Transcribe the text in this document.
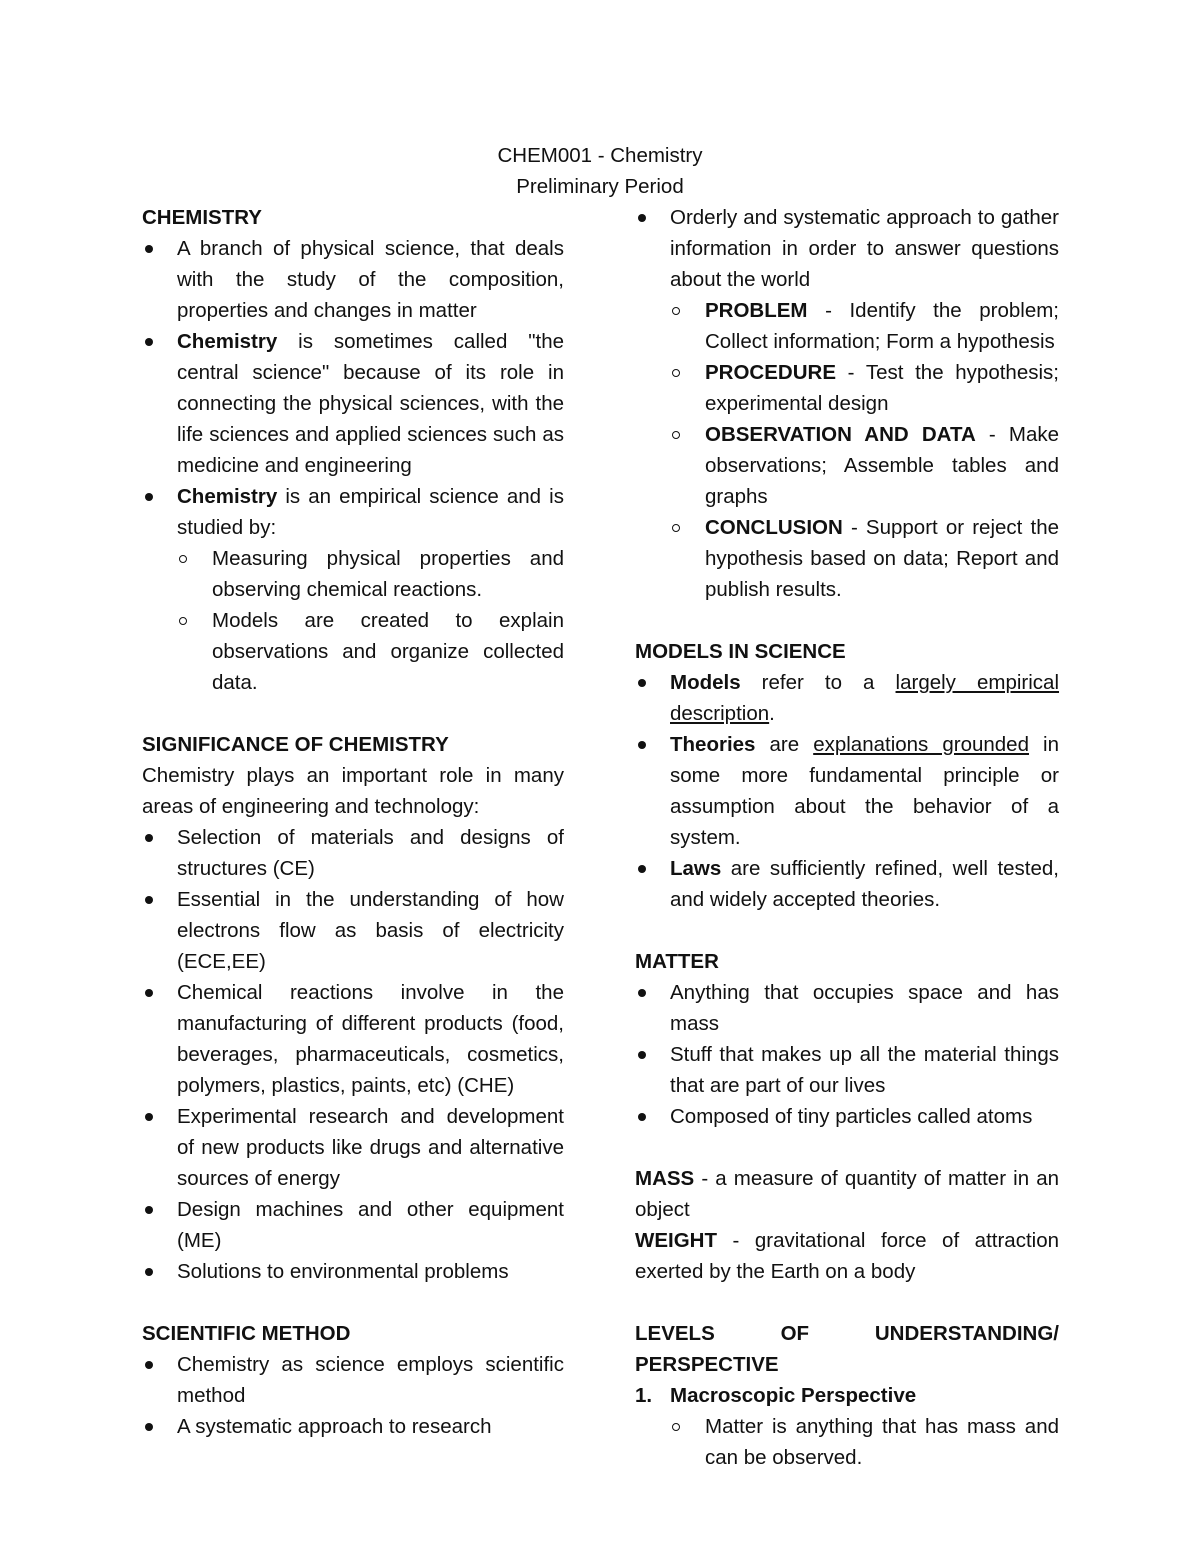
CHEM001 - Chemistry
Preliminary Period
CHEMISTRY
A branch of physical science, that deals with the study of the composition, properties and changes in matter
Chemistry is sometimes called "the central science" because of its role in connecting the physical sciences, with the life sciences and applied sciences such as medicine and engineering
Chemistry is an empirical science and is studied by:
Measuring physical properties and observing chemical reactions.
Models are created to explain observations and organize collected data.
SIGNIFICANCE OF CHEMISTRY
Chemistry plays an important role in many areas of engineering and technology:
Selection of materials and designs of structures (CE)
Essential in the understanding of how electrons flow as basis of electricity (ECE,EE)
Chemical reactions involve in the manufacturing of different products (food, beverages, pharmaceuticals, cosmetics, polymers, plastics, paints, etc) (CHE)
Experimental research and development of new products like drugs and alternative sources of energy
Design machines and other equipment (ME)
Solutions to environmental problems
SCIENTIFIC METHOD
Chemistry as science employs scientific method
A systematic approach to research
Orderly and systematic approach to gather information in order to answer questions about the world
PROBLEM - Identify the problem; Collect information; Form a hypothesis
PROCEDURE - Test the hypothesis; experimental design
OBSERVATION AND DATA - Make observations; Assemble tables and graphs
CONCLUSION - Support or reject the hypothesis based on data; Report and publish results.
MODELS IN SCIENCE
Models refer to a largely empirical description.
Theories are explanations grounded in some more fundamental principle or assumption about the behavior of a system.
Laws are sufficiently refined, well tested, and widely accepted theories.
MATTER
Anything that occupies space and has mass
Stuff that makes up all the material things that are part of our lives
Composed of tiny particles called atoms
MASS - a measure of quantity of matter in an object
WEIGHT - gravitational force of attraction exerted by the Earth on a body
LEVELS OF UNDERSTANDING/ PERSPECTIVE
1. Macroscopic Perspective
Matter is anything that has mass and can be observed.
